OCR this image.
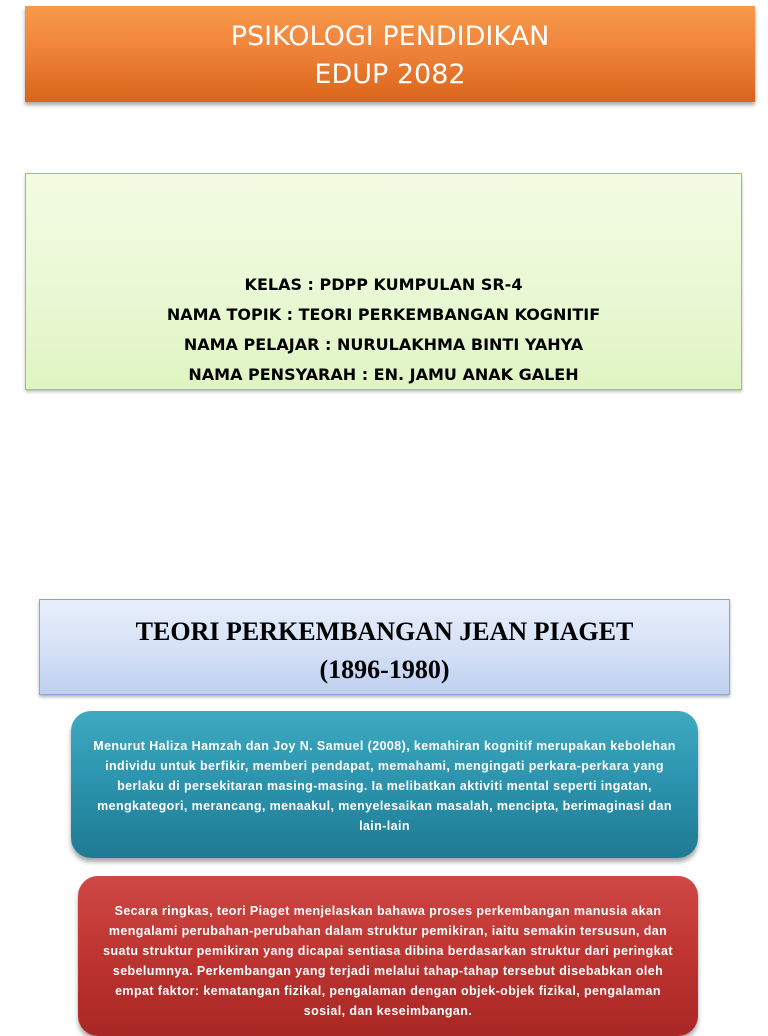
PSIKOLOGI PENDIDIKAN
EDUP 2082
KELAS : PDPP KUMPULAN SR-4
NAMA TOPIK : TEORI PERKEMBANGAN KOGNITIF
NAMA PELAJAR : NURULAKHMA BINTI YAHYA
NAMA PENSYARAH : EN. JAMU ANAK GALEH
TEORI PERKEMBANGAN JEAN PIAGET
(1896-1980)
Menurut Haliza Hamzah dan Joy N. Samuel (2008), kemahiran kognitif merupakan kebolehan individu untuk berfikir, memberi pendapat, memahami, mengingati perkara-perkara yang berlaku di persekitaran masing-masing. Ia melibatkan aktiviti mental seperti ingatan, mengkategori, merancang, menaakul, menyelesaikan masalah, mencipta, berimaginasi dan lain-lain
Secara ringkas, teori Piaget menjelaskan bahawa proses perkembangan manusia akan mengalami perubahan-perubahan dalam struktur pemikiran, iaitu semakin tersusun, dan suatu struktur pemikiran yang dicapai sentiasa dibina berdasarkan struktur dari peringkat sebelumnya. Perkembangan yang terjadi melalui tahap-tahap tersebut disebabkan oleh empat faktor: kematangan fizikal, pengalaman dengan objek-objek fizikal, pengalaman sosial, dan keseimbangan.
